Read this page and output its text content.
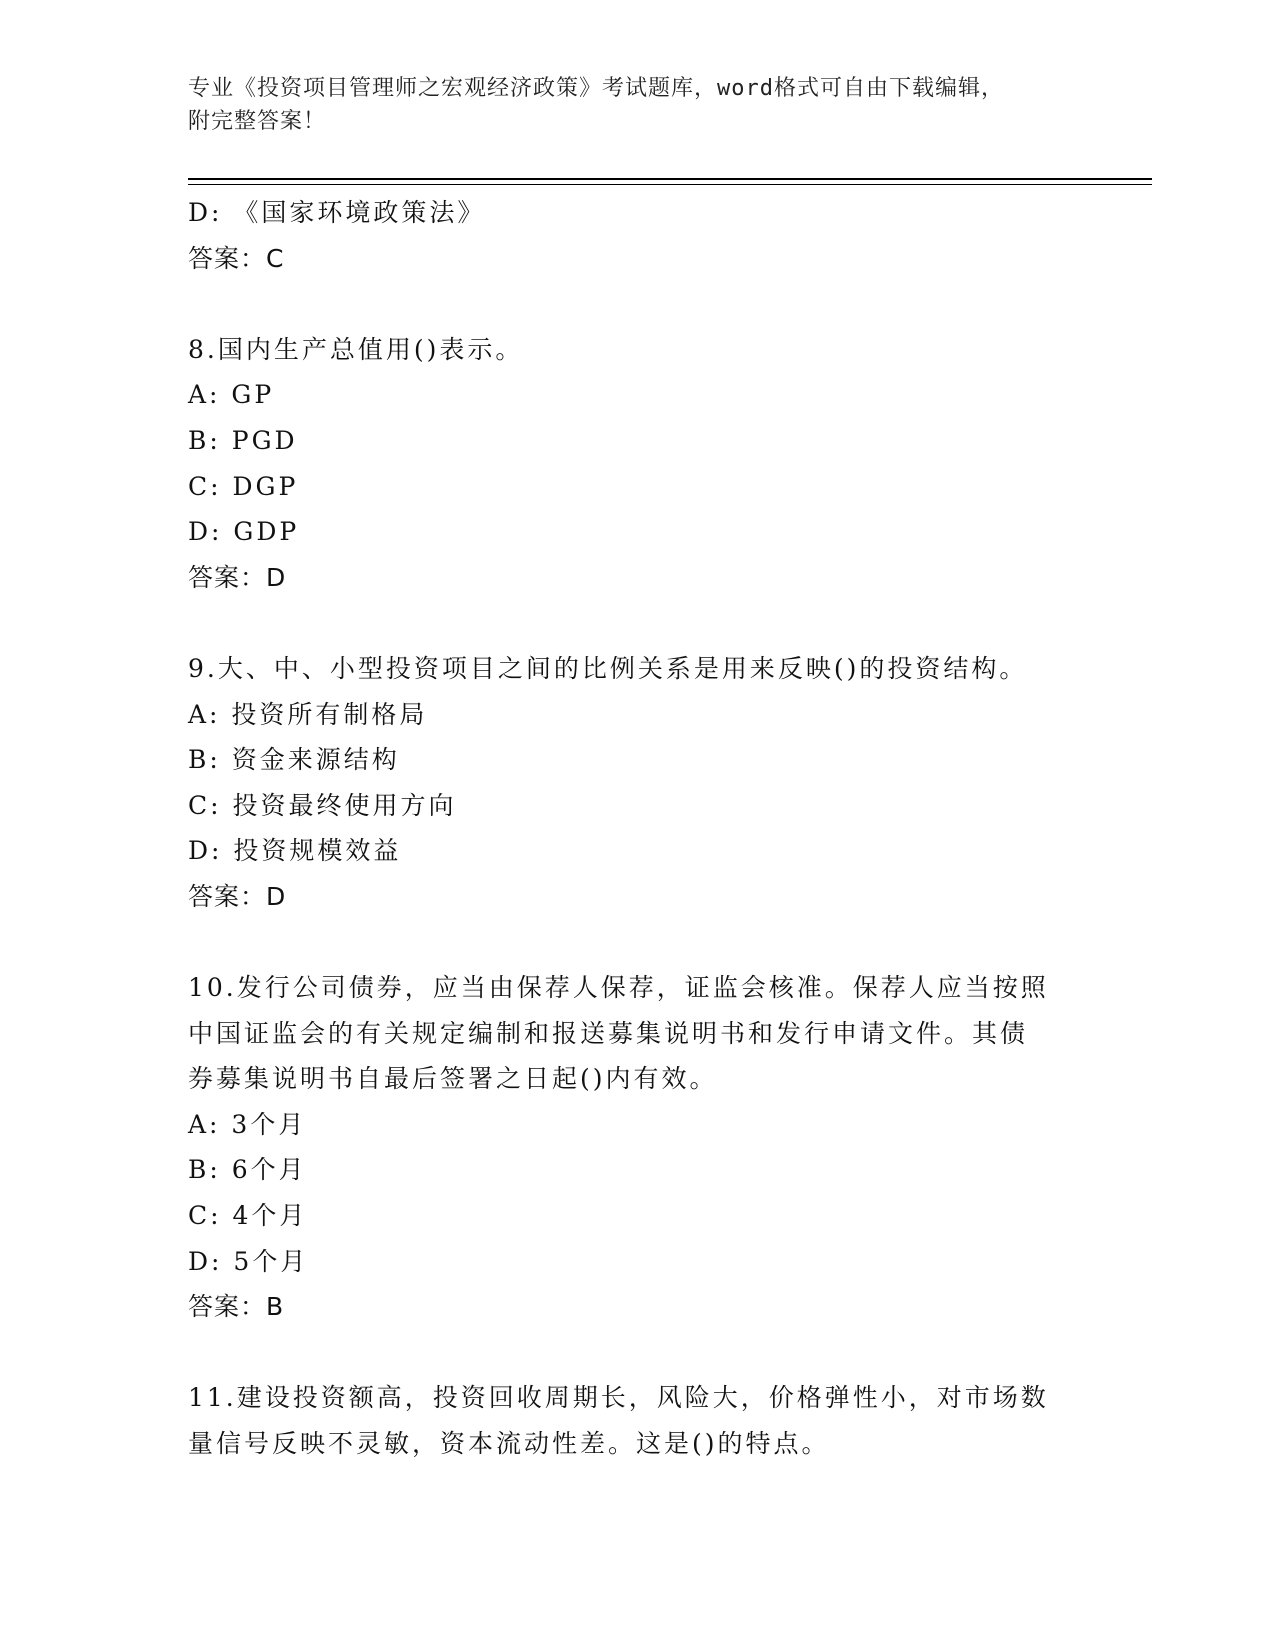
专业《投资项目管理师之宏观经济政策》考试题库，word格式可自由下载编辑，
附完整答案！
D: 《国家环境政策法》
答案：C
8.国内生产总值用()表示。
A: GP
B: PGD
C: DGP
D: GDP
答案：D
9.大、中、小型投资项目之间的比例关系是用来反映()的投资结构。
A: 投资所有制格局
B: 资金来源结构
C: 投资最终使用方向
D: 投资规模效益
答案：D
10.发行公司债券，应当由保荐人保荐，证监会核准。保荐人应当按照
中国证监会的有关规定编制和报送募集说明书和发行申请文件。其债
券募集说明书自最后签署之日起()内有效。
A: 3个月
B: 6个月
C: 4个月
D: 5个月
答案：B
11.建设投资额高，投资回收周期长，风险大，价格弹性小，对市场数
量信号反映不灵敏，资本流动性差。这是()的特点。
